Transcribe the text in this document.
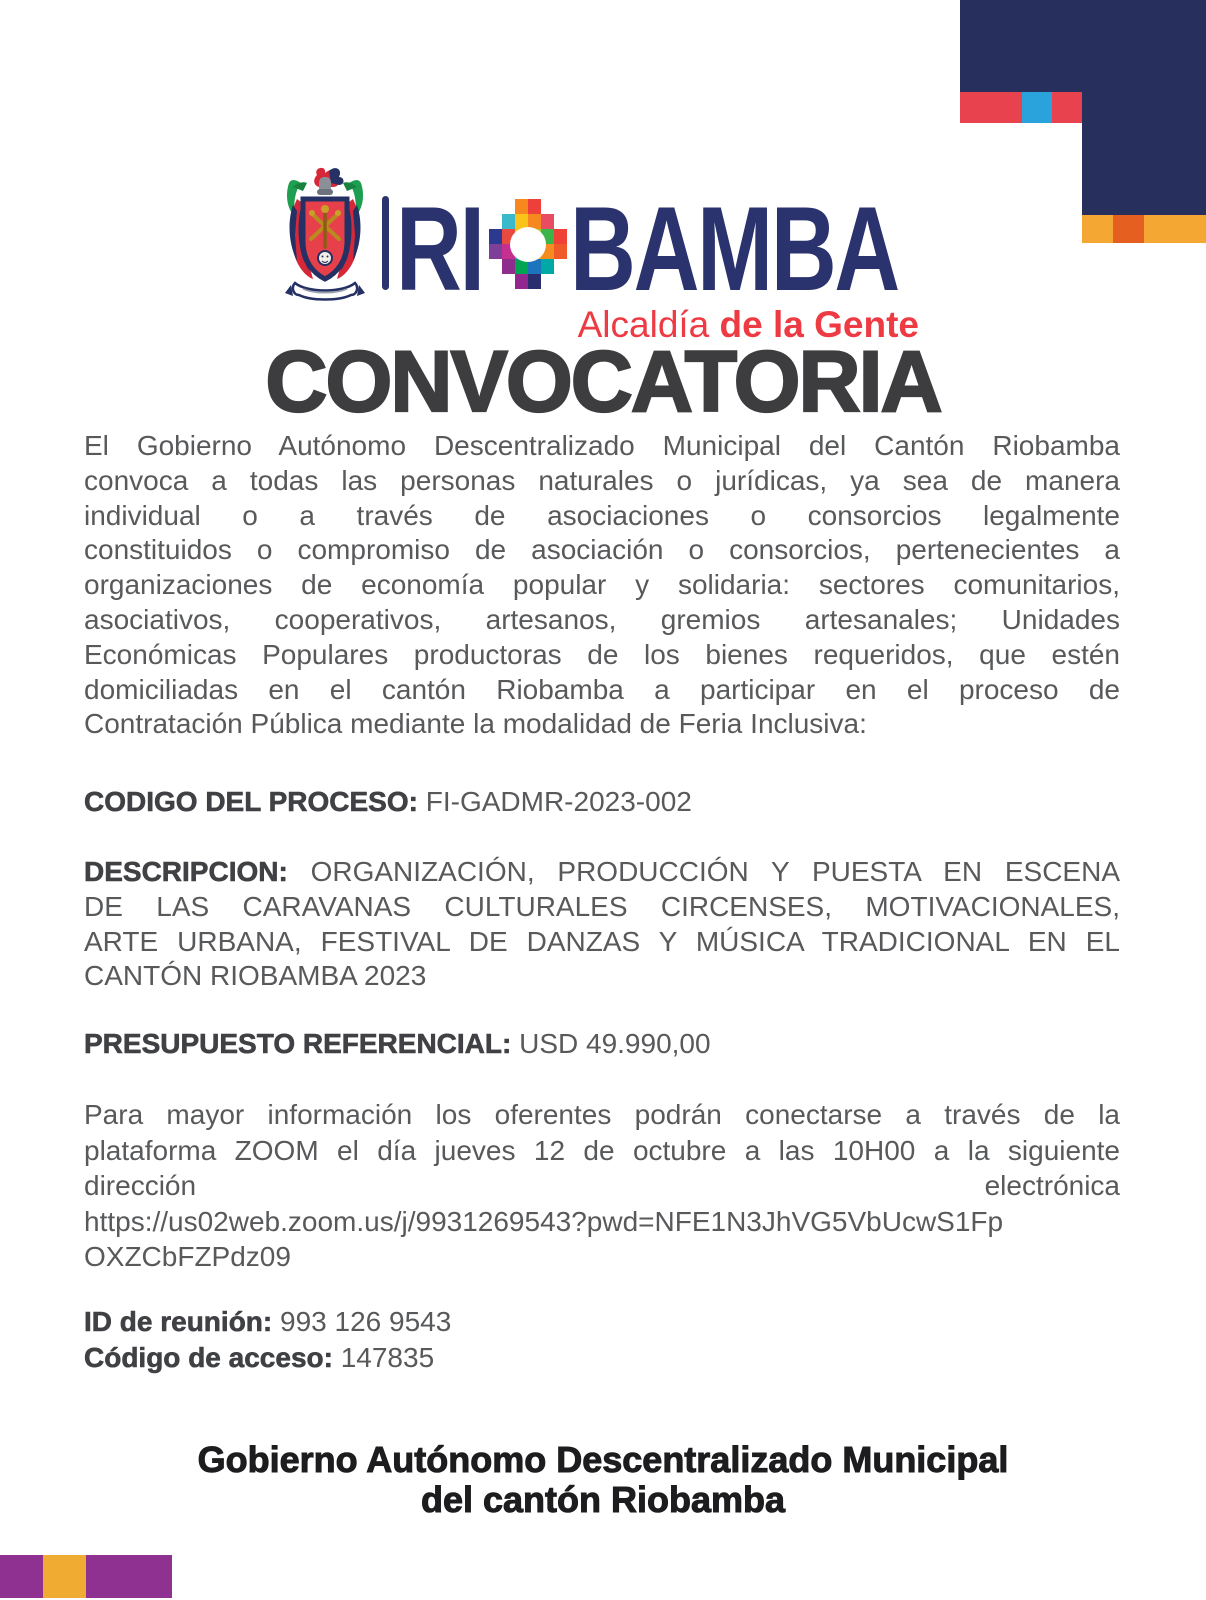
RI BAMBA
Alcaldía de la Gente
CONVOCATORIA
El Gobierno Autónomo Descentralizado Municipal del Cantón Riobamba
convoca a todas las personas naturales o jurídicas, ya sea de manera
individual o a través de asociaciones o consorcios legalmente
constituidos o compromiso de asociación o consorcios, pertenecientes a
organizaciones de economía popular y solidaria: sectores comunitarios,
asociativos, cooperativos, artesanos, gremios artesanales; Unidades
Económicas Populares productoras de los bienes requeridos, que estén
domiciliadas en el cantón Riobamba a participar en el proceso de
Contratación Pública mediante la modalidad de Feria Inclusiva:
CODIGO DEL PROCESO: FI-GADMR-2023-002
DESCRIPCION: ORGANIZACIÓN, PRODUCCIÓN Y PUESTA EN ESCENA
DE LAS CARAVANAS CULTURALES CIRCENSES, MOTIVACIONALES,
ARTE URBANA, FESTIVAL DE DANZAS Y MÚSICA TRADICIONAL EN EL
CANTÓN RIOBAMBA 2023
PRESUPUESTO REFERENCIAL: USD 49.990,00
Para mayor información los oferentes podrán conectarse a través de la
plataforma ZOOM el día jueves 12 de octubre a las 10H00 a la siguiente
dirección	electrónica
https://us02web.zoom.us/j/9931269543?pwd=NFE1N3JhVG5VbUcwS1Fp
OXZCbFZPdz09
ID de reunión: 993 126 9543
Código de acceso: 147835
Gobierno Autónomo Descentralizado Municipal
del cantón Riobamba
